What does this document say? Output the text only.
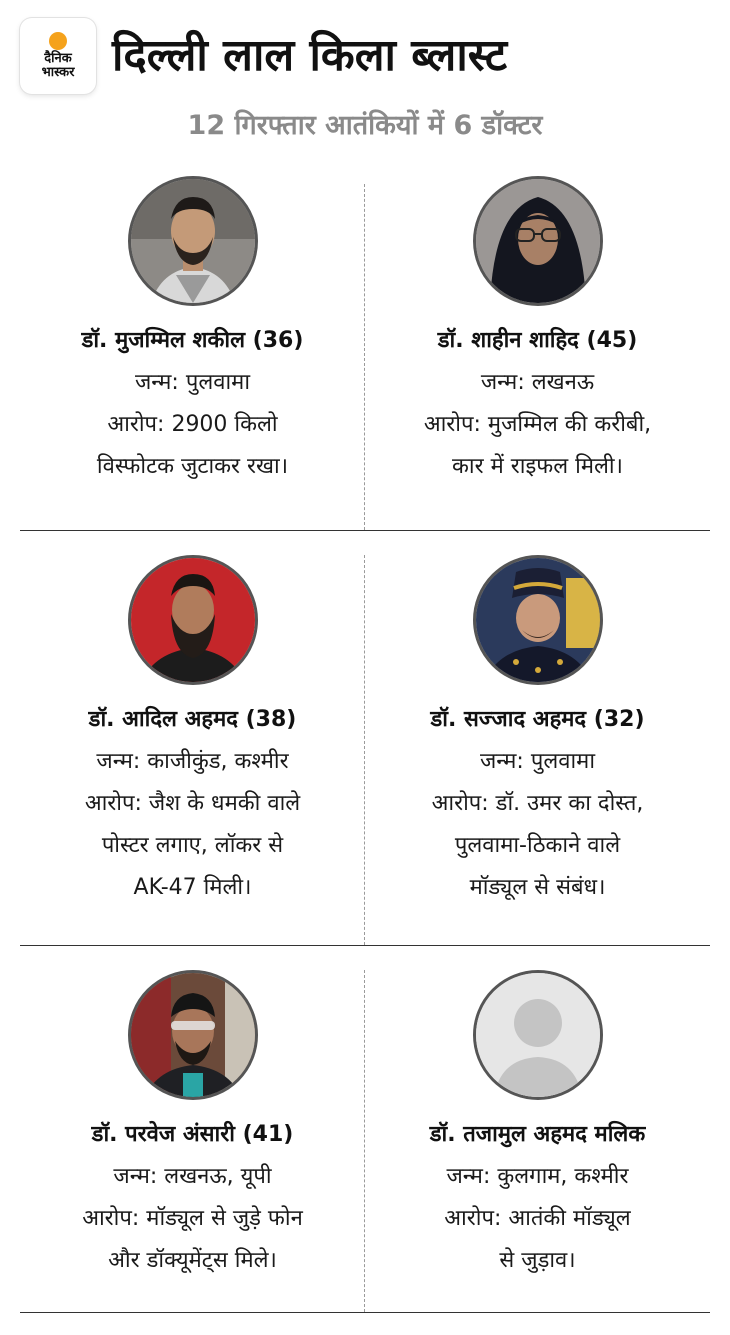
दैनिक
भास्कर दिल्ली लाल किला ब्लास्ट
12 गिरफ्तार आतंकियों में 6 डॉक्टर
डॉ. मुजम्मिल शकील (36)
जन्म: पुलवामा
आरोप: 2900 किलो
विस्फोटक जुटाकर रखा।
डॉ. शाहीन शाहिद (45)
जन्म: लखनऊ
आरोप: मुजम्मिल की करीबी,
कार में राइफल मिली।
डॉ. आदिल अहमद (38)
जन्म: काजीकुंड, कश्मीर
आरोप: जैश के धमकी वाले
पोस्टर लगाए, लॉकर से
AK-47 मिली।
डॉ. सज्जाद अहमद (32)
जन्म: पुलवामा
आरोप: डॉ. उमर का दोस्त,
पुलवामा-ठिकाने वाले
मॉड्यूल से संबंध।
डॉ. परवेज अंसारी (41)
जन्म: लखनऊ, यूपी
आरोप: मॉड्यूल से जुड़े फोन
और डॉक्यूमेंट्स मिले।
डॉ. तजामुल अहमद मलिक
जन्म: कुलगाम, कश्मीर
आरोप: आतंकी मॉड्यूल
से जुड़ाव।
